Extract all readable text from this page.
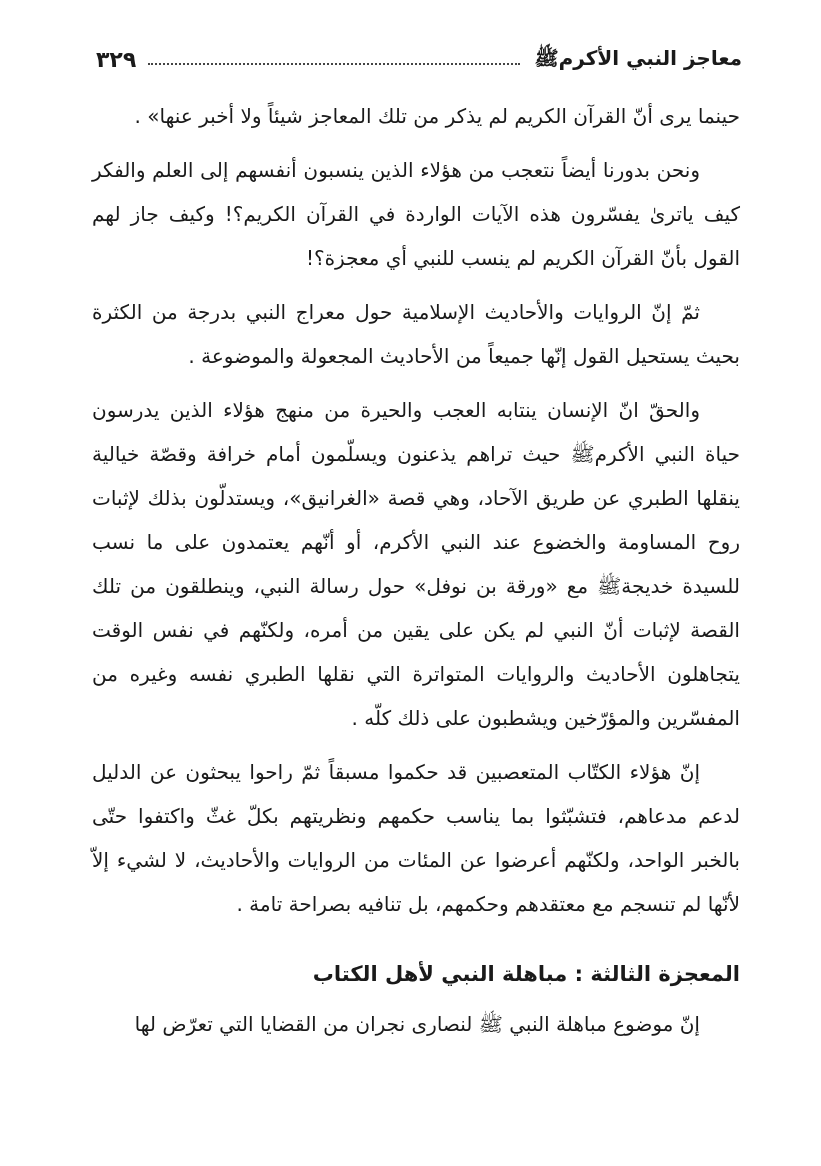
معاجز النبي الأكرمﷺ
٣٢٩

حينما يرى أنّ القرآن الكريم لم يذكر من تلك المعاجز شيئاً ولا أخبر عنها» .

ونحن بدورنا أيضاً نتعجب من هؤلاء الذين ينسبون أنفسهم إلى العلم والفكر كيف ياترىٰ يفسّرون هذه الآيات الواردة في القرآن الكريم؟! وكيف جاز لهم القول بأنّ القرآن الكريم لم ينسب للنبي أي معجزة؟!

ثمّ إنّ الروايات والأحاديث الإسلامية حول معراج النبي بدرجة من الكثرة بحيث يستحيل القول إنّها جميعاً من الأحاديث المجعولة والموضوعة .

والحقّ انّ الإنسان ينتابه العجب والحيرة من منهج هؤلاء الذين يدرسون حياة النبي الأكرمﷺ حيث تراهم يذعنون ويسلّمون أمام خرافة وقصّة خيالية ينقلها الطبري عن طريق الآحاد، وهي قصة «الغرانيق»، ويستدلّون بذلك لإثبات روح المساومة والخضوع عند النبي الأكرم، أو أنّهم يعتمدون على ما نسب للسيدة خديجةﷺ مع «ورقة بن نوفل» حول رسالة النبي، وينطلقون من تلك القصة لإثبات أنّ النبي لم يكن على يقين من أمره، ولكنّهم في نفس الوقت يتجاهلون الأحاديث والروايات المتواترة التي نقلها الطبري نفسه وغيره من المفسّرين والمؤرّخين ويشطبون على ذلك كلّه .

إنّ هؤلاء الكتّاب المتعصبين قد حكموا مسبقاً ثمّ راحوا يبحثون عن الدليل لدعم مدعاهم، فتشبّثوا بما يناسب حكمهم ونظريتهم بكلّ غثّ واكتفوا حتّى بالخبر الواحد، ولكنّهم أعرضوا عن المئات من الروايات والأحاديث، لا لشيء إلاّ لأنّها لم تنسجم مع معتقدهم وحكمهم، بل تنافيه بصراحة تامة .

المعجزة الثالثة : مباهلة النبي لأهل الكتاب

إنّ موضوع مباهلة النبي ﷺ لنصارى نجران من القضايا التي تعرّض لها
